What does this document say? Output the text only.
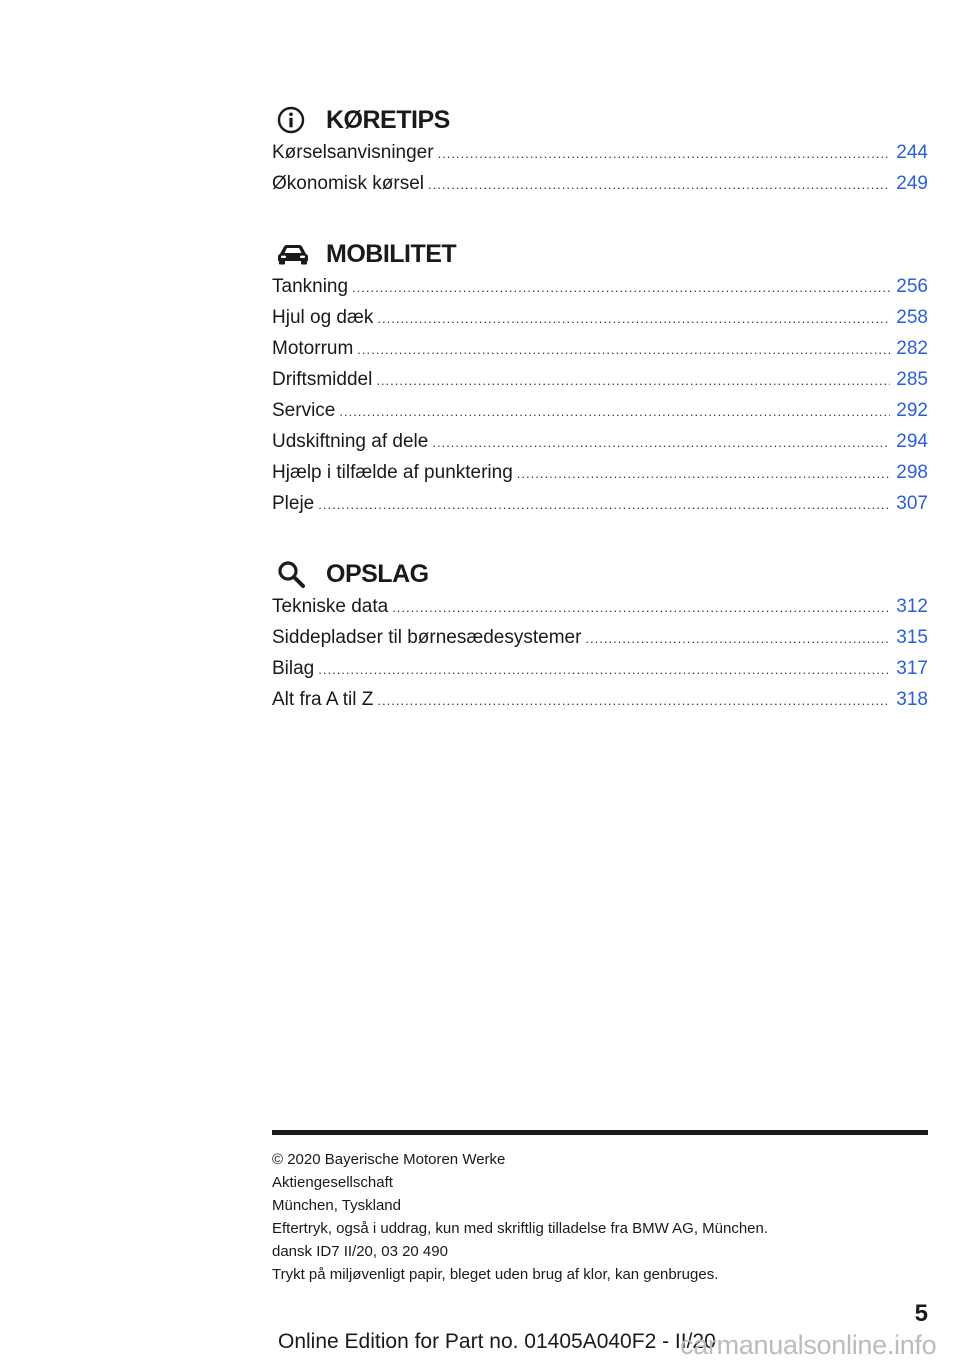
KØRETIPS
Kørselsanvisninger .....	244
Økonomisk kørsel .....	249
MOBILITET
Tankning .....	256
Hjul og dæk .....	258
Motorrum .....	282
Driftsmiddel .....	285
Service .....	292
Udskiftning af dele .....	294
Hjælp i tilfælde af punktering .....	298
Pleje .....	307
OPSLAG
Tekniske data .....	312
Siddepladser til børnesædesystemer .....	315
Bilag .....	317
Alt fra A til Z .....	318
© 2020 Bayerische Motoren Werke
Aktiengesellschaft
München, Tyskland
Eftertryk, også i uddrag, kun med skriftlig tilladelse fra BMW AG, München.
dansk ID7 II/20, 03 20 490
Trykt på miljøvenligt papir, bleget uden brug af klor, kan genbruges.
5
Online Edition for Part no. 01405A040F2 - II/20
carmanualsonline.info
